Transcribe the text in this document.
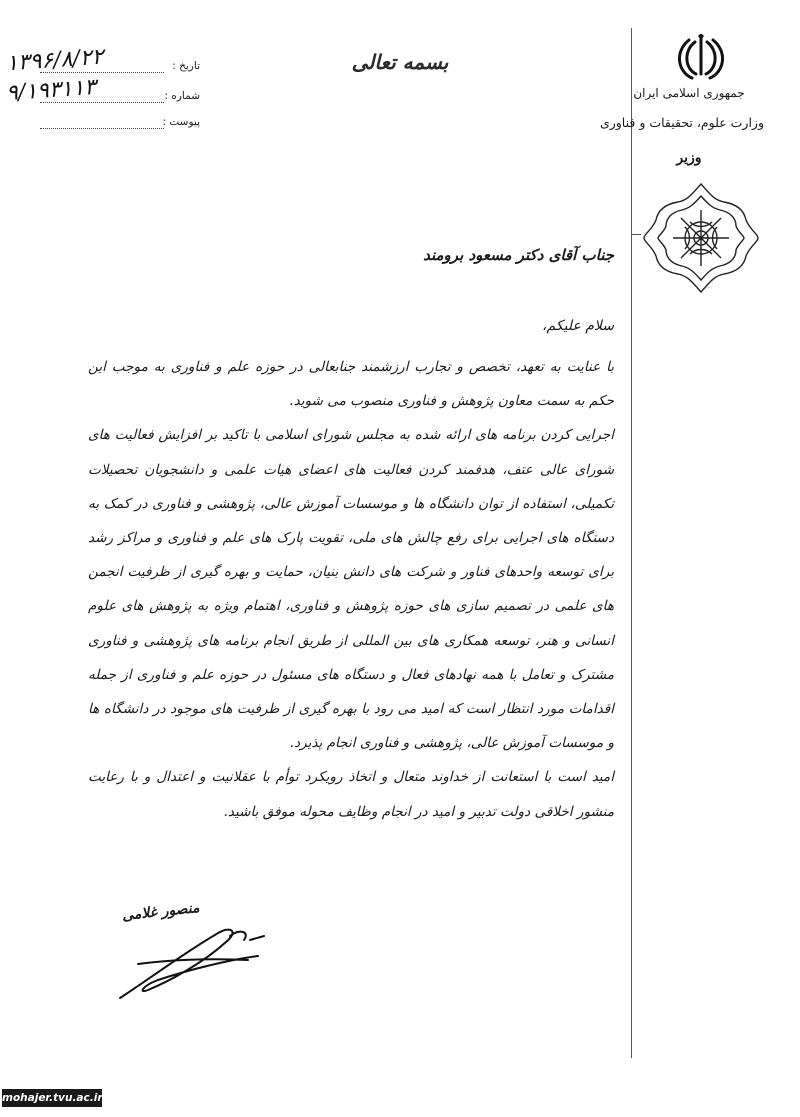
جمهوری اسلامی ایران
وزارت علوم، تحقیقات و فناوری
وزیر
بسمه تعالی
۱۳۹۶/۸/۲۲	تاریخ :
۹/۱۹۳۱۱۳	شماره :
پیوست :
جناب آقای دکتر مسعود برومند
سلام علیکم،

با عنایت به تعهد، تخصص و تجارب ارزشمند جنابعالی در حوزه علم و فناوری به موجب این حکم به سمت معاون پژوهش و فناوری منصوب می شوید.

اجرایی کردن برنامه های ارائه شده به مجلس شورای اسلامی با تاکید بر افزایش فعالیت های شورای عالی عتف، هدفمند کردن فعالیت های اعضای هیات علمی و دانشجویان تحصیلات تکمیلی، استفاده از توان دانشگاه ها و موسسات آموزش عالی، پژوهشی و فناوری در کمک به دستگاه های اجرایی برای رفع چالش های ملی، تقویت پارک های علم و فناوری و مراکز رشد برای توسعه واحدهای فناور و شرکت های دانش بنیان، حمایت و بهره گیری از ظرفیت انجمن های علمی در تصمیم سازی های حوزه پژوهش و فناوری، اهتمام ویژه به پژوهش های علوم انسانی و هنر، توسعه همکاری های بین المللی از طریق انجام برنامه های پژوهشی و فناوری مشترک و تعامل با همه نهادهای فعال و دستگاه های مسئول در حوزه علم و فناوری از جمله اقدامات مورد انتظار است که امید می رود با بهره گیری از ظرفیت های موجود در دانشگاه ها و موسسات آموزش عالی، پژوهشی و فناوری انجام پذیرد.

امید است با استعانت از خداوند متعال و اتخاذ رویکرد توأم با عقلانیت و اعتدال و با رعایت منشور اخلاقی دولت تدبیر و امید در انجام وظایف محوله موفق باشید.

منصور غلامی
mohajer.tvu.ac.ir
